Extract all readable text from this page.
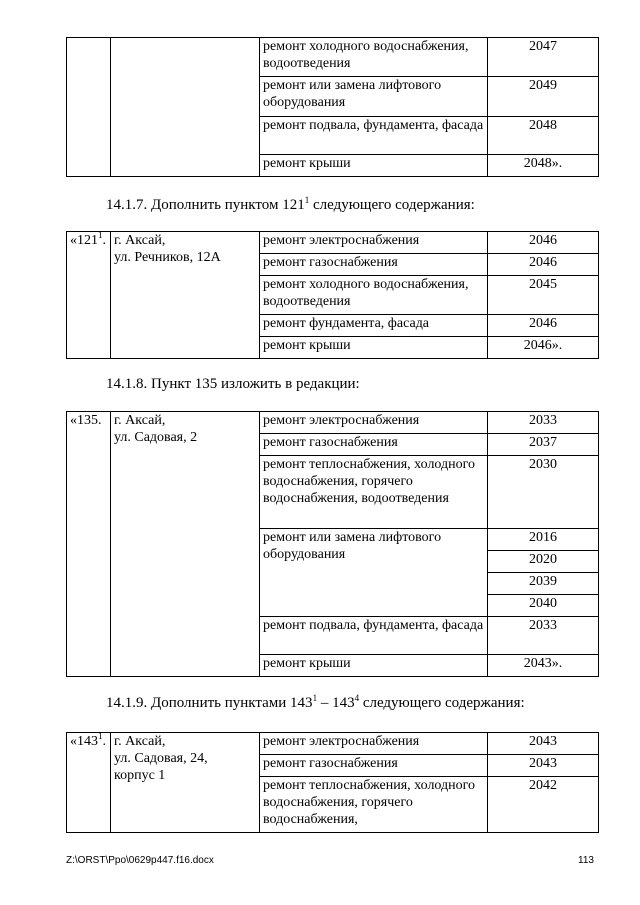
		ремонт холодного водоснабжения, водоотведения	2047
		ремонт или замена лифтового оборудования	2049
		ремонт подвала, фундамента, фасада	2048
		ремонт крыши	2048».
14.1.7. Дополнить пунктом $121^1$ следующего содержания:
«$121^1$.	г. Аксай,
ул. Речников, 12А	ремонт электроснабжения	2046
		ремонт газоснабжения	2046
		ремонт холодного водоснабжения, водоотведения	2045
		ремонт фундамента, фасада	2046
		ремонт крыши	2046».
14.1.8. Пункт 135 изложить в редакции:
«135.	г. Аксай,
ул. Садовая, 2	ремонт электроснабжения	2033
		ремонт газоснабжения	2037
		ремонт теплоснабжения, холодного водоснабжения, горячего водоснабжения, водоотведения	2030
		ремонт или замена лифтового оборудования	2016
			2020
			2039
			2040
		ремонт подвала, фундамента, фасада	2033
		ремонт крыши	2043».
14.1.9. Дополнить пунктами $143^1 - 143^4$ следующего содержания:
«$143^1$.	г. Аксай,
ул. Садовая, 24,
корпус 1	ремонт электроснабжения	2043
		ремонт газоснабжения	2043
		ремонт теплоснабжения, холодного водоснабжения, горячего водоснабжения,	2042
Z:\ORST\Ppo\0629p447.f16.docx	113
